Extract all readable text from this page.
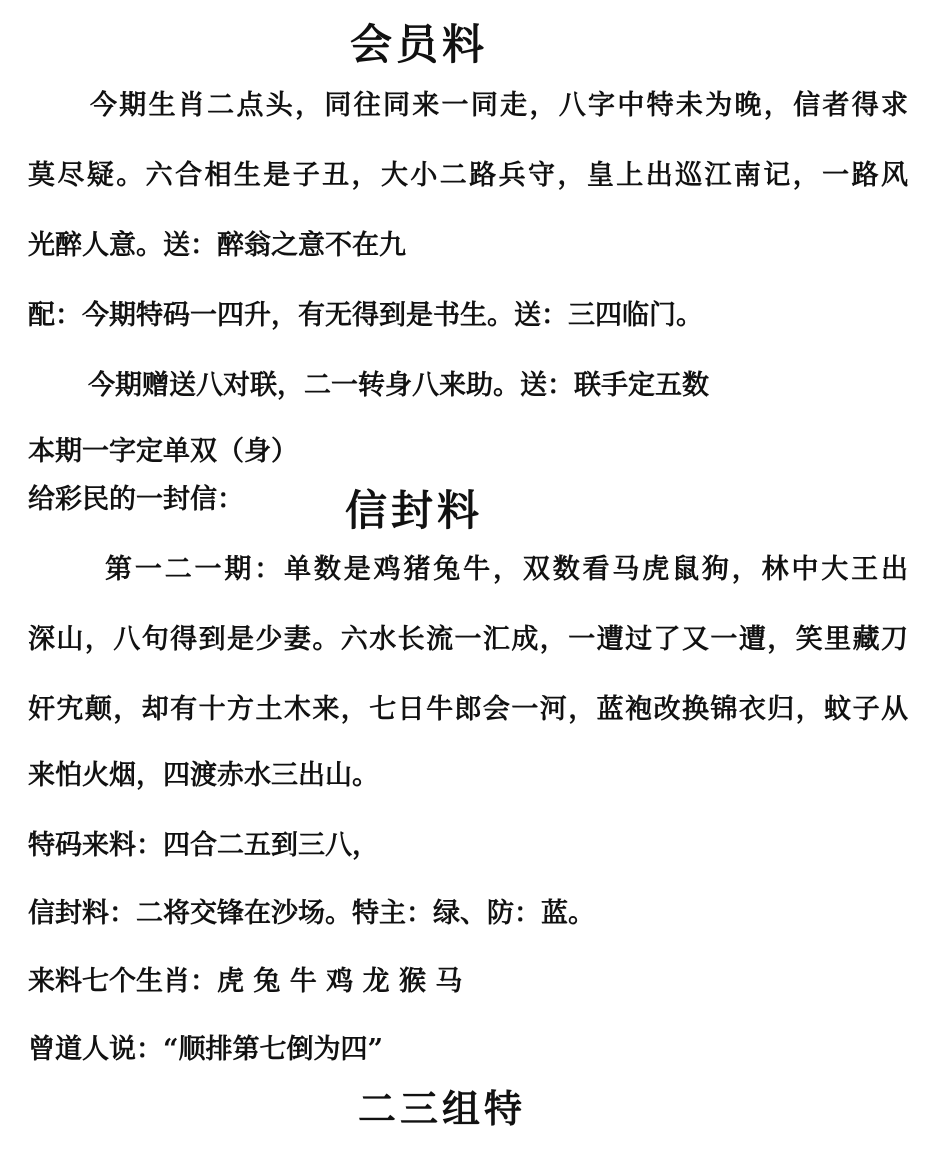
会员料
今期生肖二点头，同往同来一同走，八字中特未为晚，信者得求
莫尽疑。六合相生是子丑，大小二路兵守，皇上出巡江南记，一路风
光醉人意。送：醉翁之意不在九
配：今期特码一四升，有无得到是书生。送：三四临门。
今期赠送八对联，二一转身八来助。送：联手定五数
本期一字定单双（身）
给彩民的一封信： 信封料
第一二一期：单数是鸡猪兔牛，双数看马虎鼠狗，林中大王出
深山，八句得到是少妻。六水长流一汇成，一遭过了又一遭，笑里藏刀
奸宄颠，却有十方土木来，七日牛郎会一河，蓝袍改换锦衣归，蚊子从
来怕火烟，四渡赤水三出山。
特码来料：四合二五到三八，
信封料：二将交锋在沙场。特主：绿、防：蓝。
来料七个生肖：虎 兔 牛 鸡 龙 猴 马
曾道人说：“顺排第七倒为四”
二三组特
